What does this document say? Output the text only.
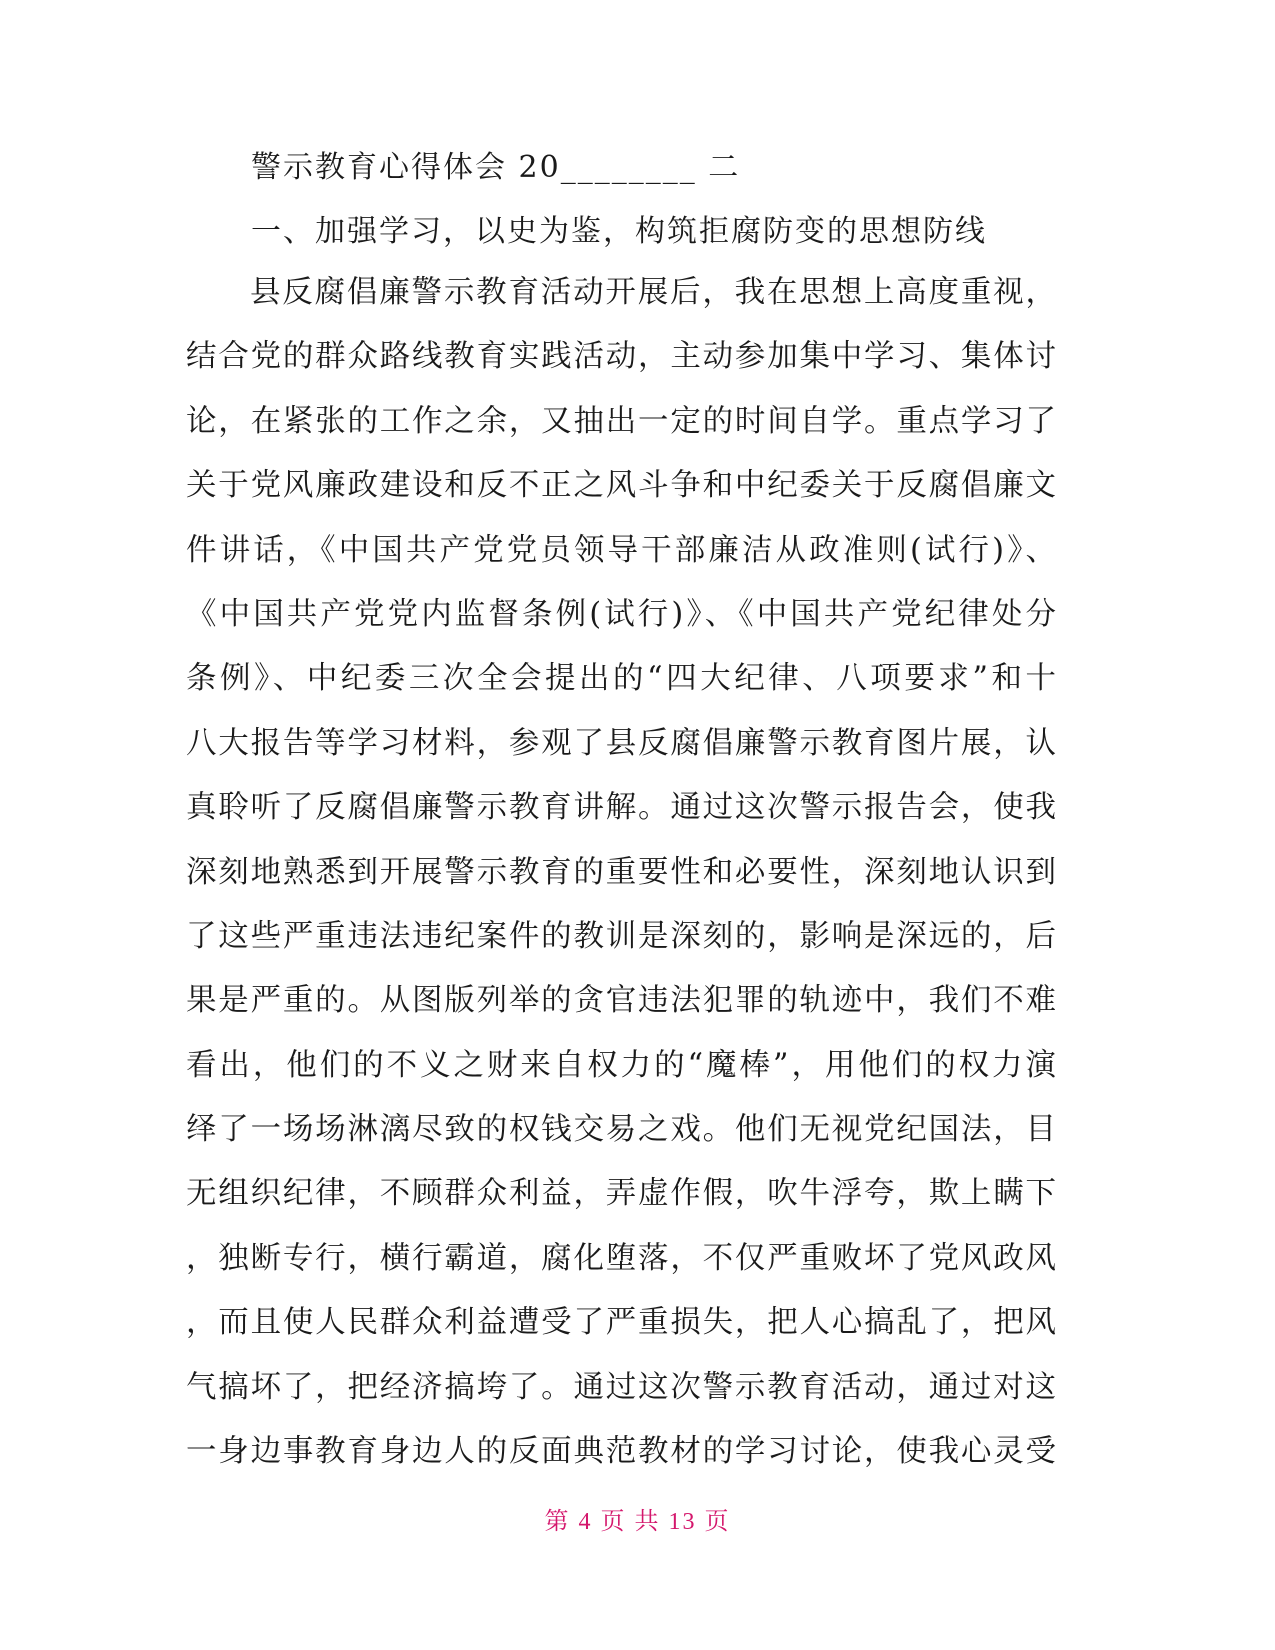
警示教育心得体会 20________ 二
一、加强学习，以史为鉴，构筑拒腐防变的思想防线
县反腐倡廉警示教育活动开展后，我在思想上高度重视，
结合党的群众路线教育实践活动，主动参加集中学习、集体讨
论，在紧张的工作之余，又抽出一定的时间自学。重点学习了
关于党风廉政建设和反不正之风斗争和中纪委关于反腐倡廉文
件讲话，《中国共产党党员领导干部廉洁从政准则(试行)》、
《中国共产党党内监督条例(试行)》、《中国共产党纪律处分
条例》、中纪委三次全会提出的“四大纪律、八项要求”和十
八大报告等学习材料，参观了县反腐倡廉警示教育图片展，认
真聆听了反腐倡廉警示教育讲解。通过这次警示报告会，使我
深刻地熟悉到开展警示教育的重要性和必要性，深刻地认识到
了这些严重违法违纪案件的教训是深刻的，影响是深远的，后
果是严重的。从图版列举的贪官违法犯罪的轨迹中，我们不难
看出，他们的不义之财来自权力的“魔棒”，用他们的权力演
绎了一场场淋漓尽致的权钱交易之戏。他们无视党纪国法，目
无组织纪律，不顾群众利益，弄虚作假，吹牛浮夸，欺上瞒下
，独断专行，横行霸道，腐化堕落，不仅严重败坏了党风政风
，而且使人民群众利益遭受了严重损失，把人心搞乱了，把风
气搞坏了，把经济搞垮了。通过这次警示教育活动，通过对这
一身边事教育身边人的反面典范教材的学习讨论，使我心灵受
第 4 页 共 13 页
